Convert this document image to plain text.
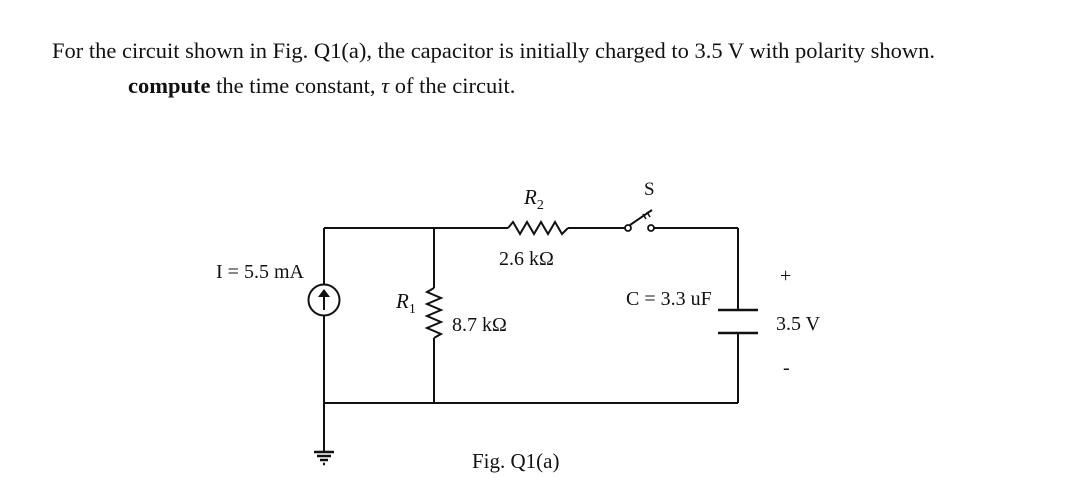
For the circuit shown in Fig. Q1(a), the capacitor is initially charged to 3.5 V with polarity shown.
compute the time constant, τ of the circuit.
I = 5.5 mA
$R_1$
8.7 kΩ
$R_2$
2.6 kΩ
S
C = 3.3 uF
+
3.5 V
-
Fig. Q1(a)
